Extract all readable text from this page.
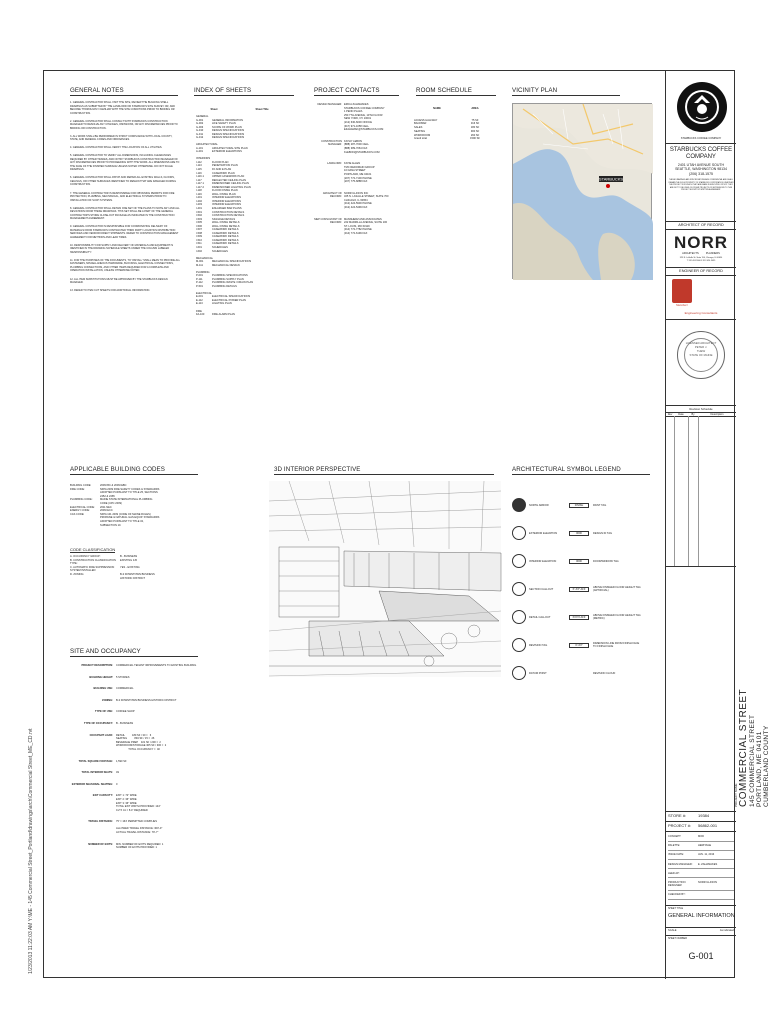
1/23/2013 11:22:03 AM Y:\ME - 145 Commercial Street_Portland\drawings\arch\Commercial Street_ME_CD.rvt
GENERAL NOTES
1. GENERAL CONTRACTOR SHALL VISIT THE SITE, REVIEW THE BUILDING SHELL DRAWINGS AS SUBMITTED BY THE LANDLORD OR STARBUCKS SITE SURVEY OR, AND BECOME THOROUGHLY FAMILIAR WITH THE SITE CONDITIONS PRIOR TO BIDDING OR CONSTRUCTION.
2. GENERAL CONTRACTOR SHALL CONSULT WITH STARBUCKS CONSTRUCTION MANAGER TO RESOLVE ANY CHANGES, OMISSIONS, OR ANY DISCREPANCIES PRIOR TO BIDDING OR CONSTRUCTION.
3. ALL WORK SHALL BE PERFORMED IN STRICT COMPLIANCE WITH LOCAL COUNTY, STATE, AND FEDERAL CODES AND ORDINANCES.
4. GENERAL CONTRACTOR SHALL VERIFY THE LOCATION OF ALL UTILITIES.
5. GENERAL CONTRACTOR TO VERIFY ALL DIMENSIONS, INCLUDING CLEARANCES REQUIRED BY OTHER TRADES, AND NOTIFY STARBUCKS CONSTRUCTION MANAGER OF ANY DISCREPANCIES PRIOR TO PROCEEDING WITH THE WORK. ALL DIMENSIONS ARE TO THE FACE OF THE FINISHED SURFACE UNLESS NOTED OTHERWISE. DO NOT SCALE DRAWINGS.
6. GENERAL CONTRACTOR SHALL PATCH AND REPAIR ALL EXISTING WALLS, FLOORS, CEILINGS, OR OTHER SURFACES IDENTIFIED TO REMAIN THAT ARE DAMAGED DURING CONSTRUCTION.
7. THE GENERAL CONTRACTOR IS RESPONSIBLE FOR OBTAINING PERMITS FOR FIRE PROTECTION, PLUMBING, MECHANICAL, AND ELECTRICAL SYSTEMS PRIOR TO INSTALLATION OF SUCH SYSTEMS.
8. GENERAL CONTRACTOR SHALL RETAIN ONE SET OF THE PLANS TO NOTE ANY AND ALL DEVIATIONS FROM THESE DRAWINGS. THIS SET SHALL BE A PART OF THE GENERAL CONTRACTOR'S STORE CLOSE-OUT PACKAGE AS INDICATED IN THE CONSTRUCTION MANAGEMENT AGREEMENT.
9. GENERAL CONTRACTOR IS RESPONSIBLE FOR COORDINATING DELIVERY OF MATERIALS FROM STARBUCKS CONTRACTED THIRD PARTY LOGISTICS DISTRIBUTION SERVICES AND VENDOR DIRECT SHIPMENTS. REFER TO CONSTRUCTION MANAGEMENT AGREEMENT FOR METHODS AND LEAD TIMES.
10. RESPONSIBILITY FOR SUPPLY AND DELIVERY OF MATERIALS AND EQUIPMENT IS IDENTIFIED IN THE DRAWING SCHEDULE SHEETS UNDER THE COLUMN LABELED 'RESPONSIBILITY'.
11. FOR THE PURPOSES OF THE DOCUMENTS, TO 'INSTALL' SHALL MEAN TO PROVIDE ALL FASTENERS, MISCELLANEOUS HARDWARE, BLOCKING, ELECTRICAL CONNECTIONS, PLUMBING CONNECTIONS, AND OTHER ITEMS REQUIRED FOR A COMPLETE AND OPERATION INSTALLATION, UNLESS OTHERWISE NOTED.
12. ALL ITEM SUBSTITUTIONS MUST BE APPROVED BY THE STARBUCKS DESIGN MANAGER.
13. REFER TO ITEM CUT SHEETS FOR ADDITIONAL INFORMATION.
INDEX OF SHEETS
Sheet	Sheet Title
GENERAL
G-001	GENERAL INFORMATION
G-002	LIFE SAFETY PLAN
G-003	SCOPE OF WORK PLAN
G-010	DESIGN SPECIFICATIONS
G-011	DESIGN SPECIFICATIONS
G-012	DESIGN SPECIFICATIONS
ARCHITECTURAL
A-101	ARCHITECTURAL SITE PLAN
A-201	EXTERIOR ELEVATIONS
INTERIORS
I-112	FLOOR PLAN
I-113	PENETRATION PLAN
I-115	FF AND E PLAN
I-116	CASEWORK PLAN
I-116.1	UPPER CASEWORK PLAN
I-117	REFLECTED CEILING PLAN
I-117.1	DIMENSIONED CEILING PLAN
I-117.2	DIMENSIONED LIGHTING PLAN
I-118	FLOOR FINISH PLAN
I-119	WALL FINISH PLAN
I-201	INTERIOR ELEVATIONS
I-202	INTERIOR ELEVATIONS
I-203	INTERIOR ELEVATIONS
I-401	ENLARGED BAR PLANS
I-501	CONSTRUCTION DETAILS
I-502	CONSTRUCTION DETAILS
I-503	SIGNAGE DETAILS
I-505	WALL FINISH DETAILS
I-506	WALL FINISH DETAILS
I-507	CASEWORK DETAILS
I-508	CASEWORK DETAILS
I-509	CASEWORK DETAILS
I-510	CASEWORK DETAILS
I-511	CASEWORK DETAILS
I-601	SCHEDULES
I-602	SCHEDULES
MECHANICAL
M-001	MECHANICAL SPECIFICATIONS
M-111	MECHANICAL DESIGN
PLUMBING
P-001	PLUMBING SPECIFICATIONS
P-111	PLUMBING SUPPLY PLAN
P-112	PLUMBING WASTE / DRAIN PLAN
P-501	PLUMBING DETAILS
ELECTRICAL
E-001	ELECTRICAL SPECIFICATIONS
E-112	ELECTRICAL POWER PLAN
E-113	LIGHTING PLAN
FIRE
FA-100	FIRE ALARM PLAN
PROJECT CONTACTS
DESIGN MANAGER: ERICA ZAHAMAKES
STARBUCKS COFFEE COMPANY
1 PENN PLAZA
250 7TH AVENUE, 10TH FLOOR
NEW YORK, NY 10001
(212) 630-6030 OFFICE
(917) 971-1058 CELL
EZAHAMAK@STARBUCKS.COM
CONSTRUCTION
MANAGER:
KATHY LEBON
(888) 287-7000 CELL
(888) 389-7064 FAX
KLEBON@STARBUCKS.COM
LANDLORD: KATIE ALLEN
TMC REDOMAIN GROUP
10 DANA STREET
PORTLAND, ME 04101
(207) 772-7100 PHONE
(207) 775-6888 FAX
ARCHITECT OF
RECORD:
NORR ILLINOIS INC
325 N. LASALLE STREET, SUITE 700
CHICAGO, IL 60654
(312) 424-5900 PHONE
(312) 424-5499 FAX
MEP CONSULTANT OF
RECORD:
MANNHERZ AND ASSOCIATES
222 MADRILLA AVENUE, SUITE 100
ST. LOUIS, MO 63119
(314) 772-7782 PHONE
(314) 772-6199 FAX
ROOM SCHEDULE
NAME	AREA
ACCESS HALLWAY	75 SF
BACKBAR	316 SF
SALES	180 SF
SEATING	900 SF
WORKROOM	260 SF
Grand total	1590 SF
VICINITY PLAN
STARBUCKS
APPLICABLE BUILDING CODES
BUILDING CODE:	2009 IBC & 2009 IEBC
FIRE CODE:	NFPA 2009 FIRE SAFETY CODES & STANDARDS ADOPTED PURSUANT TO TITLE 25, SECTIONS 2452 & 2465
PLUMBING CODE:	MAINE STATE INTERNATIONAL PLUMBING CODE (UPC 2009)
ELECTRICAL CODE:	2011 NEC
ENERGY CODE:	2009 IECC
CAS CODE:	NFPA 101 2009 (CODE OF MAINE RULES) PROPANE & NATURAL GAS EQUIP. STANDARDS ADOPTED PURSUANT TO TITLE 32, SUBSECTION 10.
CODE CLASSIFICATION
A. OCCUPANCY GROUP:	B - BUSINESS
B. CONSTRUCTION CLASSIFICATION TYPE:
EXISTING 3-B
C. AUTOMATIC FIRE SUPPRESSION SYSTEM INSTALLED:
YES - EXISTING
D. ZONING:	B-3 DOWNTOWN BUSINESS HISTORIC DISTRICT
SITE AND OCCUPANCY
PROJECT DESCRIPTION:	COMMERCIAL TENANT IMPROVEMENTS TO EXISTING BUILDING
BUILDING HEIGHT:	5 STORIES
BUILDING USE:	COMMERCIAL
ZONING:	B-3 DOWNTOWN BUSINESS HISTORIC DISTRICT
TYPE OF USE:	COFFEE SHOP
TYPE OF OCCUPANCY:	B - BUSINESS
OCCUPANT LOAD:	RETAIL          180 SF / 30 =   6
SEATING          894 SF / 15 =  26
BEVERAGE PREP    321 SF / 200 =  2
WORKROOM/STORAGE 305 SF / 300 =  2
TOTAL OCCUPANCY =  40
TOTAL SQUARE FOOTAGE:	1,590 SF
TOTAL INTERIOR SEATS:	49
EXTERIOR SEASONAL SEATING:	0
EXIT CAPACITY:	EXIT 1: 72" WIDE
EXIT 2: 36" WIDE
EXIT 3: 36" WIDE
TOTAL EXIT WIDTH PROVIDED: 144"
0.2"X 41 = 8.4" REQUIRED
TRAVEL DISTANCE:	75' = 164' PERMITTED COMPLIES

ALLOWED TRAVEL DISTANCE: 300'-0"
ACTUAL TRAVEL DISTANCE: 79'-7"
NUMBER OF EXITS:	MIN. NUMBER OF EXITS REQUIRED: 1
NUMBER OF EXITS PROVIDED: 1
3D INTERIOR PERSPECTIVE	ARCHITECTURAL SYMBOL LEGEND
NORTH ARROW	FINISH	PAINT TAG
EXTERIOR ELEVATION	0000	DESIGN ID TAG
INTERIOR ELEVATION	0000	DOOR/WINDOW TAG
SECTION CALLOUT	X'-XX" AFF	ABOVE FINISHED FLOOR HEIGHT TAG (ARTIFICIAL)
DETAIL CALLOUT	XXX'X AFF	ABOVE FINISHED FLOOR HEIGHT TAG (METRIC)
REVISION TAG	X'-XX"	DIMENSION LINE FROM FINISH FACE TO FINISH FACE
DATUM POINT	REVISION CLOUD
STARBUCKS COFFEE COMPANY
STARBUCKS COFFEE
COMPANY
2401 UTAH AVENUE SOUTH
SEATTLE, WASHINGTON 98134
(206) 318-1575
THESE DRAWINGS AND SPECIFICATIONS ARE CONFIDENTIAL AND SHALL REMAIN THE SOLE PROPERTY OF STARBUCKS CORPORATION, WHETHER THE PROJECT FOR WHICH THEY ARE MADE IS EXECUTED OR NOT. THEY ARE NOT TO BE USED ON OTHER PROJECTS OR EXTENSIONS TO THIS PROJECT EXCEPT BY WRITTEN AGREEMENT.
ARCHITECT OF RECORD
NORR
ARCHITECTS          PLANNERS
325 N. LaSalle St. Suite 700, Chicago, IL 60654
T 312.424.5900 F 312.424.5499
ENGINEER OF RECORD
Mannherz
Engineering Consultants
LICENSED ARCHITECT
PETER J.
THEW
STATE OF MAINE
Revision Schedule
Rev	Date	By	Description
PROJECT NAME COMMERCIAL STREET 145 COMMERCIAL STREET
PORTLAND, ME 04101
CUMBERLAND COUNTY
STORE #:	19384
PROJECT #:	56862-001
CONCEPT:	MOD
PALETTE:	HERITAGE
ISSUE DATE:	JAN. 11, 2013
DESIGN MANAGER:	E. ZAHAMAKES
LEED AP:
PRODUCTION DESIGNER:
NORR ILLINOIS
CHECKED BY:
SHEET TITLE
GENERAL INFORMATION
SCALE	As indicated
SHEET NUMBER
G-001
